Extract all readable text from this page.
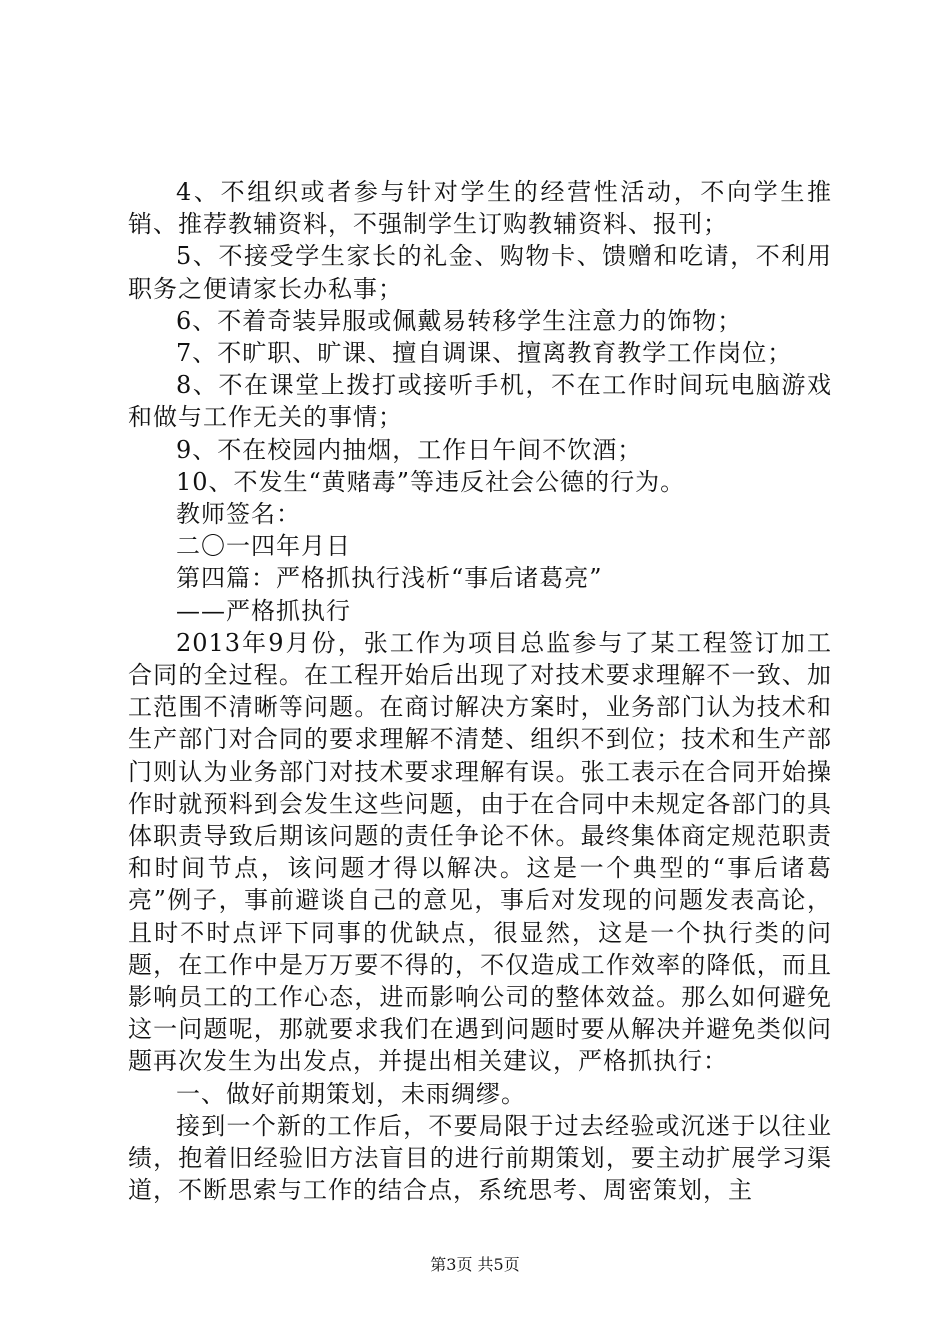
4、不组织或者参与针对学生的经营性活动，不向学生推销、推荐教辅资料，不强制学生订购教辅资料、报刊；

5、不接受学生家长的礼金、购物卡、馈赠和吃请，不利用职务之便请家长办私事；

6、不着奇装异服或佩戴易转移学生注意力的饰物；

7、不旷职、旷课、擅自调课、擅离教育教学工作岗位；

8、不在课堂上拨打或接听手机，不在工作时间玩电脑游戏和做与工作无关的事情；

9、不在校园内抽烟，工作日午间不饮酒；

10、不发生“黄赌毒”等违反社会公德的行为。

教师签名：

二〇一四年月日

第四篇：严格抓执行浅析“事后诸葛亮”

——严格抓执行

2013年9月份，张工作为项目总监参与了某工程签订加工合同的全过程。在工程开始后出现了对技术要求理解不一致、加工范围不清晰等问题。在商讨解决方案时，业务部门认为技术和生产部门对合同的要求理解不清楚、组织不到位；技术和生产部门则认为业务部门对技术要求理解有误。张工表示在合同开始操作时就预料到会发生这些问题，由于在合同中未规定各部门的具体职责导致后期该问题的责任争论不休。最终集体商定规范职责和时间节点，该问题才得以解决。这是一个典型的“事后诸葛亮”例子，事前避谈自己的意见，事后对发现的问题发表高论，且时不时点评下同事的优缺点，很显然，这是一个执行类的问题，在工作中是万万要不得的，不仅造成工作效率的降低，而且影响员工的工作心态，进而影响公司的整体效益。那么如何避免这一问题呢，那就要求我们在遇到问题时要从解决并避免类似问题再次发生为出发点，并提出相关建议，严格抓执行：

一、做好前期策划，未雨绸缪。

接到一个新的工作后，不要局限于过去经验或沉迷于以往业绩，抱着旧经验旧方法盲目的进行前期策划，要主动扩展学习渠道，不断思索与工作的结合点，系统思考、周密策划，主

第3页 共5页
